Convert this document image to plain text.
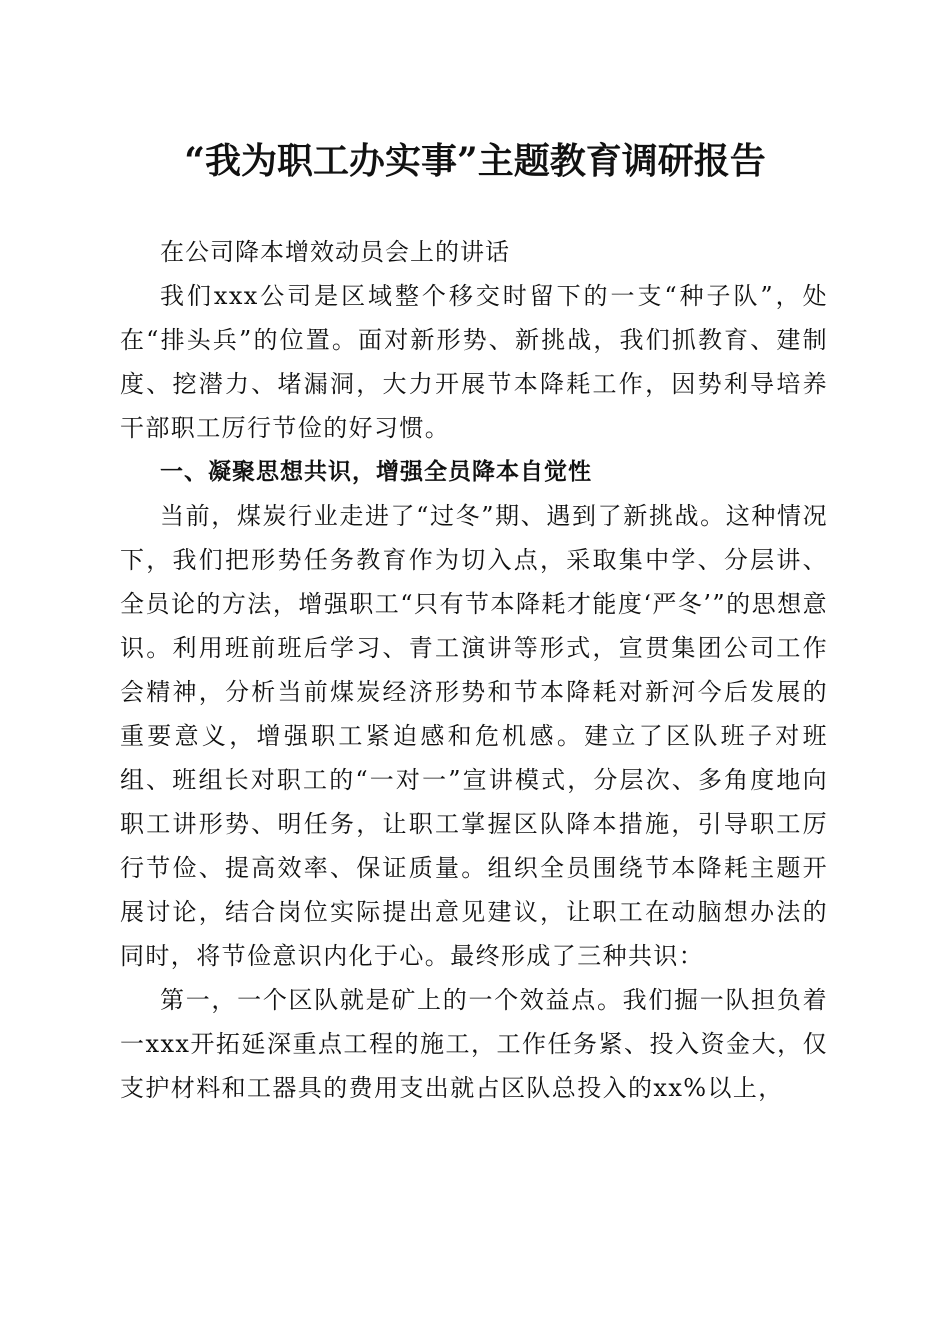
“我为职工办实事”主题教育调研报告

在公司降本增效动员会上的讲话

我们xxx公司是区域整个移交时留下的一支“种子队”，处在“排头兵”的位置。面对新形势、新挑战，我们抓教育、建制度、挖潜力、堵漏洞，大力开展节本降耗工作，因势利导培养干部职工厉行节俭的好习惯。

一、凝聚思想共识，增强全员降本自觉性

当前，煤炭行业走进了“过冬”期、遇到了新挑战。这种情况下，我们把形势任务教育作为切入点，采取集中学、分层讲、全员论的方法，增强职工“只有节本降耗才能度‘严冬’”的思想意识。利用班前班后学习、青工演讲等形式，宣贯集团公司工作会精神，分析当前煤炭经济形势和节本降耗对新河今后发展的重要意义，增强职工紧迫感和危机感。建立了区队班子对班组、班组长对职工的“一对一”宣讲模式，分层次、多角度地向职工讲形势、明任务，让职工掌握区队降本措施，引导职工厉行节俭、提高效率、保证质量。组织全员围绕节本降耗主题开展讨论，结合岗位实际提出意见建议，让职工在动脑想办法的同时，将节俭意识内化于心。最终形成了三种共识：

第一，一个区队就是矿上的一个效益点。我们掘一队担负着一xxx开拓延深重点工程的施工，工作任务紧、投入资金大，仅支护材料和工器具的费用支出就占区队总投入的xx%以上，
